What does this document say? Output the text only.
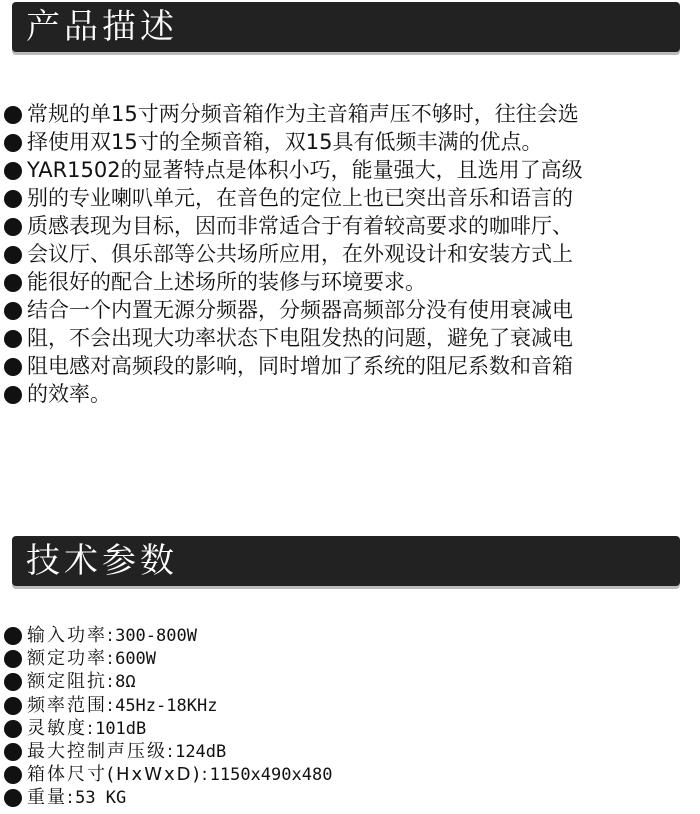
产品描述
常规的单15寸两分频音箱作为主音箱声压不够时，往往会选
择使用双15寸的全频音箱，双15具有低频丰满的优点。
YAR1502的显著特点是体积小巧，能量强大，且选用了高级
别的专业喇叭单元，在音色的定位上也已突出音乐和语言的
质感表现为目标，因而非常适合于有着较高要求的咖啡厅、
会议厅、俱乐部等公共场所应用，在外观设计和安装方式上
能很好的配合上述场所的装修与环境要求。
结合一个内置无源分频器，分频器高频部分没有使用衰减电
阻，不会出现大功率状态下电阻发热的问题，避免了衰减电
阻电感对高频段的影响，同时增加了系统的阻尼系数和音箱
的效率。
技术参数
输入功率:300-800W
额定功率:600W
额定阻抗:8Ω
频率范围:45Hz-18KHz
灵敏度:101dB
最大控制声压级:124dB
箱体尺寸(HxWxD):1150x490x480
重量:53 KG
